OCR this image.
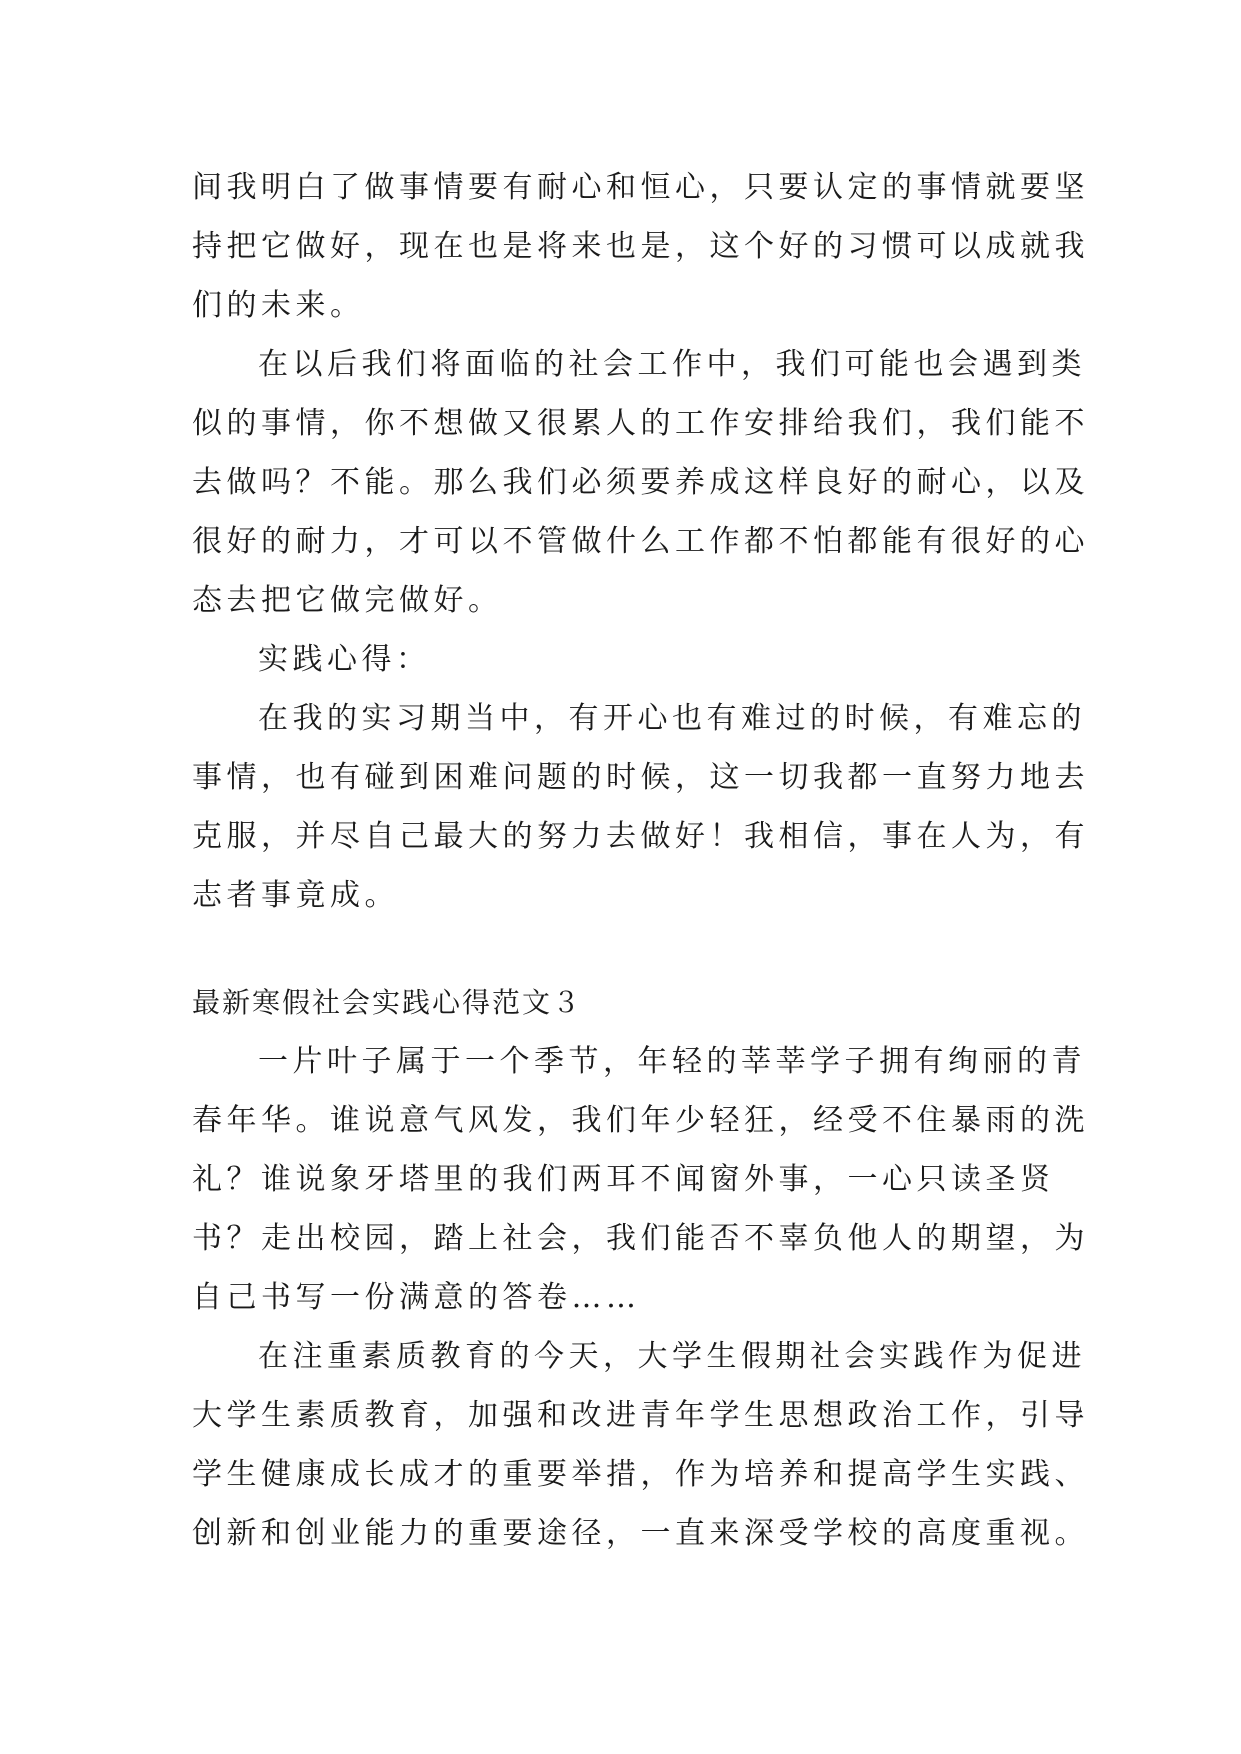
间我明白了做事情要有耐心和恒心，只要认定的事情就要坚
持把它做好，现在也是将来也是，这个好的习惯可以成就我
们的未来。
在以后我们将面临的社会工作中，我们可能也会遇到类
似的事情，你不想做又很累人的工作安排给我们，我们能不
去做吗？不能。那么我们必须要养成这样良好的耐心，以及
很好的耐力，才可以不管做什么工作都不怕都能有很好的心
态去把它做完做好。
实践心得：
在我的实习期当中，有开心也有难过的时候，有难忘的
事情，也有碰到困难问题的时候，这一切我都一直努力地去
克服，并尽自己最大的努力去做好！我相信，事在人为，有
志者事竟成。
最新寒假社会实践心得范文３
一片叶子属于一个季节，年轻的莘莘学子拥有绚丽的青
春年华。谁说意气风发，我们年少轻狂，经受不住暴雨的洗
礼？谁说象牙塔里的我们两耳不闻窗外事，一心只读圣贤
书？走出校园，踏上社会，我们能否不辜负他人的期望，为
自己书写一份满意的答卷……
在注重素质教育的今天，大学生假期社会实践作为促进
大学生素质教育，加强和改进青年学生思想政治工作，引导
学生健康成长成才的重要举措，作为培养和提高学生实践、
创新和创业能力的重要途径，一直来深受学校的高度重视。
